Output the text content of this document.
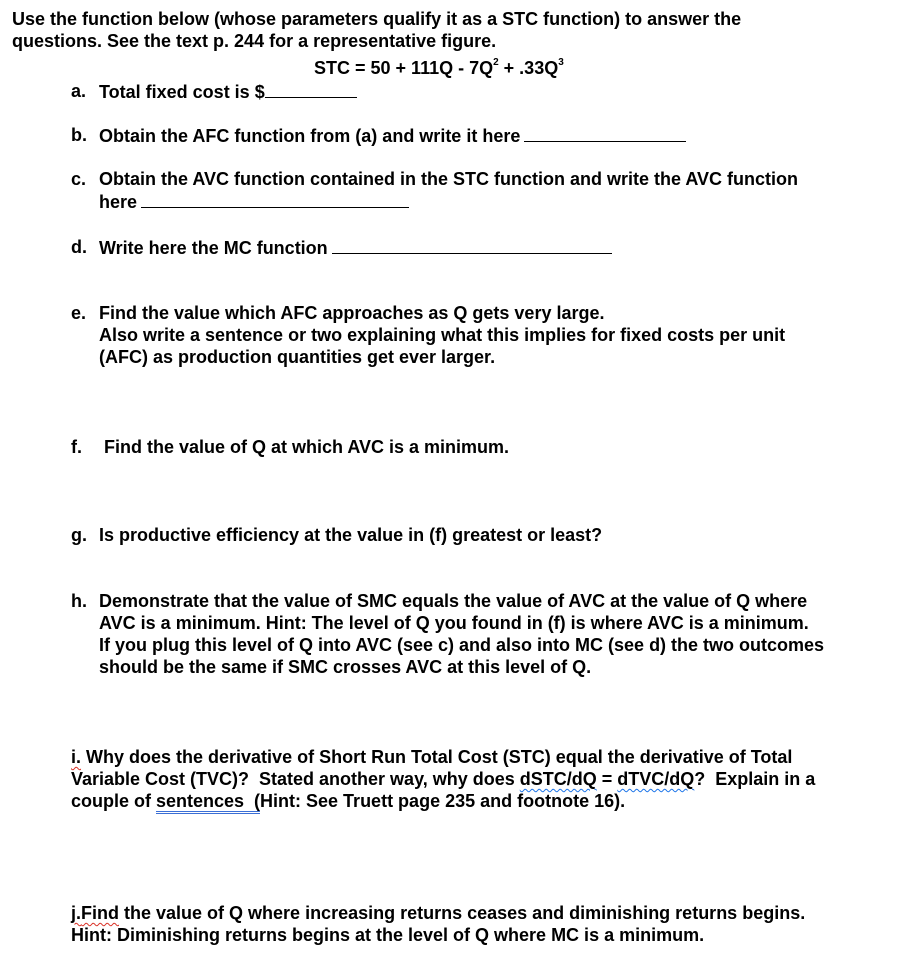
Use the function below (whose parameters qualify it as a STC function) to answer the
questions. See the text p. 244 for a representative figure.
STC = $50 + 111Q - 7Q^2 + .33Q^3$
a. Total fixed cost is $
b. Obtain the AFC function from (a) and write it here
c. Obtain the AVC function contained in the STC function and write the AVC function
here
d. Write here the MC function
e. Find the value which AFC approaches as Q gets very large.
Also write a sentence or two explaining what this implies for fixed costs per unit
(AFC) as production quantities get ever larger.
f. Find the value of Q at which AVC is a minimum.
g. Is productive efficiency at the value in (f) greatest or least?
h. Demonstrate that the value of SMC equals the value of AVC at the value of Q where
AVC is a minimum. Hint: The level of Q you found in (f) is where AVC is a minimum.
If you plug this level of Q into AVC (see c) and also into MC (see d) the two outcomes
should be the same if SMC crosses AVC at this level of Q.
i. Why does the derivative of Short Run Total Cost (STC) equal the derivative of Total
Variable Cost (TVC)?  Stated another way, why does dSTC/dQ = dTVC/dQ?  Explain in a
couple of sentences  (Hint: See Truett page 235 and footnote 16).
j.Find the value of Q where increasing returns ceases and diminishing returns begins.
Hint: Diminishing returns begins at the level of Q where MC is a minimum.
